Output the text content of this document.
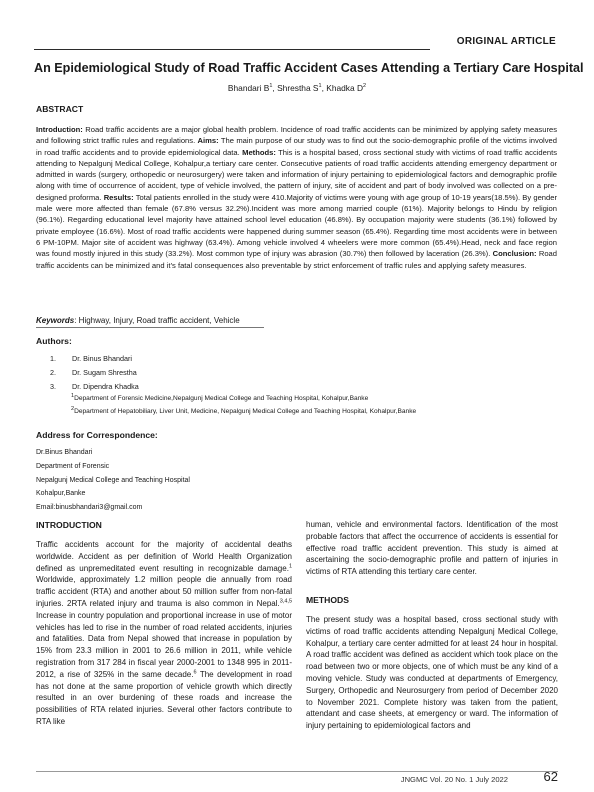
ORIGINAL ARTICLE
An Epidemiological Study of Road Traffic Accident Cases Attending a Tertiary Care Hospital
Bhandari $B^1$, Shrestha $S^1$, Khadka $D^2$
ABSTRACT
Introduction: Road traffic accidents are a major global health problem. Incidence of road traffic accidents can be minimized by applying safety measures and following strict traffic rules and regulations. Aims: The main purpose of our study was to find out the socio-demographic profile of the victims involved in road traffic accidents and to provide epidemiological data. Methods: This is a hospital based, cross sectional study with victims of road traffic accidents attending to Nepalgunj Medical College, Kohalpur,a tertiary care center. Consecutive patients of road traffic accidents attending emergency department or admitted in wards (surgery, orthopedic or neurosurgery) were taken and information of injury pertaining to epidemiological factors and demographic profile along with time of occurrence of accident, type of vehicle involved, the pattern of injury, site of accident and part of body involved was collected on a pre-designed proforma. Results: Total patients enrolled in the study were 410.Majority of victims were young with age group of 10-19 years(18.5%). By gender male were more affected than female (67.8% versus 32.2%).Incident was more among married couple (61%). Majority belongs to Hindu by religion (96.1%). Regarding educational level majority have attained school level education (46.8%). By occupation majority were students (36.1%) followed by private employee (16.6%). Most of road traffic accidents were happened during summer season (65.4%). Regarding time most accidents were in between 6 PM-10PM. Major site of accident was highway (63.4%). Among vehicle involved 4 wheelers were more common (65.4%).Head, neck and face region was found mostly injured in this study (33.2%). Most common type of injury was abrasion (30.7%) then followed by laceration (26.3%). Conclusion: Road traffic accidents can be minimized and it’s fatal consequences also preventable by strict enforcement of traffic rules and applying safety measures.
Keywords: Highway, Injury, Road traffic accident, Vehicle
Authors:
1. Dr. Binus Bhandari
2. Dr. Sugam Shrestha
3. Dr. Dipendra Khadka
$^1$Department of Forensic Medicine,Nepalgunj Medical College and Teaching Hospital, Kohalpur,Banke
$^2$Department of Hepatobiliary, Liver Unit, Medicine, Nepalgunj Medical College and Teaching Hospital, Kohalpur,Banke
Address for Correspondence:
Dr.Binus Bhandari
Department of Forensic
Nepalgunj Medical College and Teaching Hospital
Kohalpur,Banke
Email:binusbhandari3@gmail.com
INTRODUCTION
Traffic accidents account for the majority of accidental deaths worldwide. Accident as per definition of World Health Organization defined as unpremeditated event resulting in recognizable damage.$^1$ Worldwide, approximately 1.2 million people die annually from road traffic accident (RTA) and another about 50 million suffer from non-fatal injuries. 2RTA related injury and trauma is also common in Nepal.$^{3,4,5}$ Increase in country population and proportional increase in use of motor vehicles has led to rise in the number of road related accidents, injuries and fatalities. Data from Nepal showed that increase in population by 15% from 23.3 million in 2001 to 26.6 million in 2011, while vehicle registration from 317 284 in fiscal year 2000-2001 to 1348 995 in 2011-2012, a rise of 325% in the same decade.$^6$ The development in road has not done at the same proportion of vehicle growth which directly resulted in an over burdening of these roads and increase the possibilities of RTA related injuries. Several other factors contribute to RTA like
human, vehicle and environmental factors. Identification of the most probable factors that affect the occurrence of accidents is essential for effective road traffic accident prevention. This study is aimed at ascertaining the socio-demographic profile and pattern of injuries in victims of RTA attending this tertiary care center.
METHODS
The present study was a hospital based, cross sectional study with victims of road traffic accidents attending Nepalgunj Medical College, Kohalpur, a tertiary care center admitted for at least 24 hour in hospital. A road traffic accident was defined as accident which took place on the road between two or more objects, one of which must be any kind of a moving vehicle. Study was conducted at departments of Emergency, Surgery, Orthopedic and Neurosurgery from period of December 2020 to November 2021. Complete history was taken from the patient, attendant and case sheets, at emergency or ward. The information of injury pertaining to epidemiological factors and
JNGMC Vol. 20 No. 1 July 2022	62
